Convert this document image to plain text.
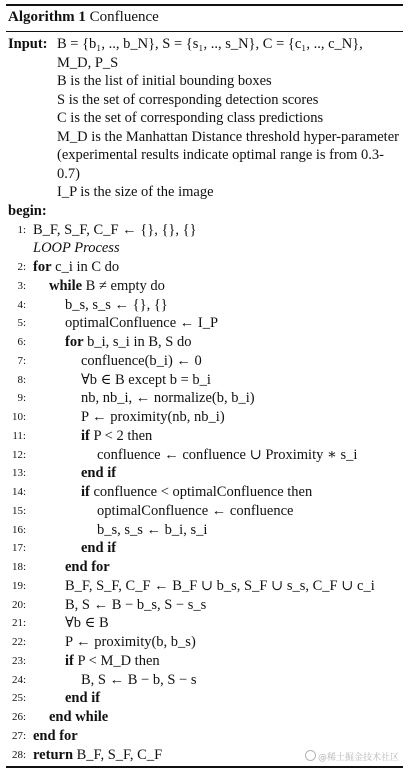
Algorithm 1 Confluence
Input: B = {b₁, .., b_N}, S = {s₁, .., s_N}, C = {c₁, .., c_N},
M_D, P_S
B is the list of initial bounding boxes
S is the set of corresponding detection scores
C is the set of corresponding class predictions
M_D is the Manhattan Distance threshold hyper-parameter
(experimental results indicate optimal range is from 0.3-0.7)
I_P is the size of the image
begin:
1: B_F, S_F, C_F ← {}, {}, {}
LOOP Process
2: for c_i in C do
3: while B ≠ empty do
4:	b_s, s_s ← {}, {}
5:	optimalConfluence ← I_P
6:	for b_i, s_i in B, S do
7:	confluence(b_i) ← 0
8:	∀b ∈ B except b = b_i
9:	nb, nb_i, ← normalize(b, b_i)
10:	P ← proximity(nb, nb_i)
11:	if P < 2 then
12:	confluence ← confluence ∪ Proximity ∗ s_i
13:	end if
14:	if confluence < optimalConfluence then
15:	optimalConfluence ← confluence
16:	b_s, s_s ← b_i, s_i
17:	end if
18:	end for
19:	B_F, S_F, C_F ← B_F ∪ b_s, S_F ∪ s_s, C_F ∪ c_i
20:	B, S ← B − b_s, S − s_s
21:	∀b ∈ B
22:	P ← proximity(b, b_s)
23:	if P < M_D then
24:	B, S ← B − b, S − s
25:	end if
26: end while
27: end for
28: return B_F, S_F, C_F	@稀土掘金技术社区
